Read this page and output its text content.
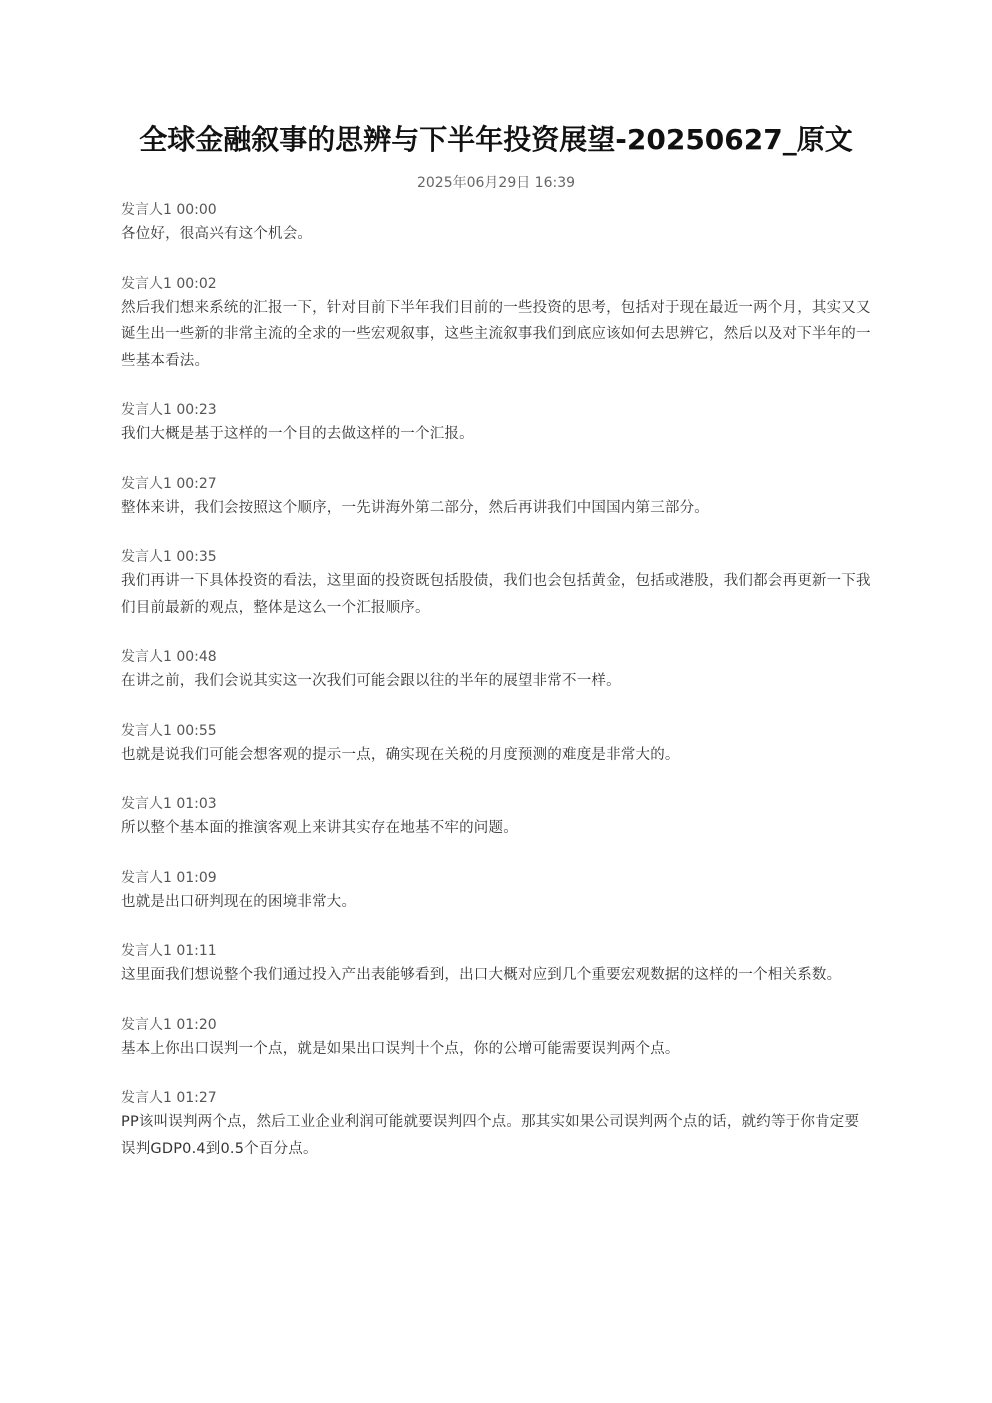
全球金融叙事的思辨与下半年投资展望-20250627_原文
2025年06月29日 16:39
发言人1 00:00
各位好，很高兴有这个机会。
发言人1 00:02
然后我们想来系统的汇报一下，针对目前下半年我们目前的一些投资的思考，包括对于现在最近一两个月，其实又又诞生出一些新的非常主流的全求的一些宏观叙事，这些主流叙事我们到底应该如何去思辨它，然后以及对下半年的一些基本看法。
发言人1 00:23
我们大概是基于这样的一个目的去做这样的一个汇报。
发言人1 00:27
整体来讲，我们会按照这个顺序，一先讲海外第二部分，然后再讲我们中国国内第三部分。
发言人1 00:35
我们再讲一下具体投资的看法，这里面的投资既包括股债，我们也会包括黄金，包括或港股，我们都会再更新一下我们目前最新的观点，整体是这么一个汇报顺序。
发言人1 00:48
在讲之前，我们会说其实这一次我们可能会跟以往的半年的展望非常不一样。
发言人1 00:55
也就是说我们可能会想客观的提示一点，确实现在关税的月度预测的难度是非常大的。
发言人1 01:03
所以整个基本面的推演客观上来讲其实存在地基不牢的问题。
发言人1 01:09
也就是出口研判现在的困境非常大。
发言人1 01:11
这里面我们想说整个我们通过投入产出表能够看到，出口大概对应到几个重要宏观数据的这样的一个相关系数。
发言人1 01:20
基本上你出口误判一个点，就是如果出口误判十个点，你的公增可能需要误判两个点。
发言人1 01:27
PP该叫误判两个点，然后工业企业利润可能就要误判四个点。那其实如果公司误判两个点的话，就约等于你肯定要误判GDP0.4到0.5个百分点。
